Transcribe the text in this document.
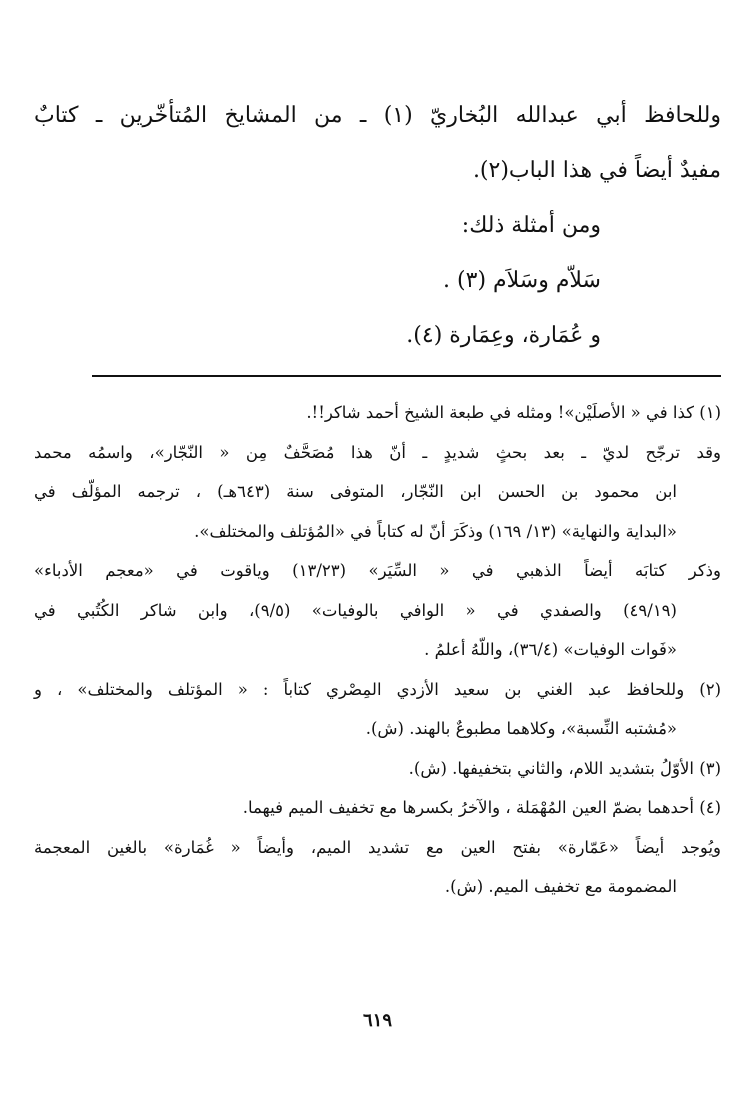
وللحافظ أبي عبدالله البُخاريّ (١) ـ من المشايخ المُتأخّرين ـ كتابٌ
مفيدٌ أيضاً في هذا الباب(٢).
ومن أمثلة ذلك:
سَلاّم وسَلاَم (٣) .
و عُمَارة، وعِمَارة (٤).
(١) كذا في « الأصلَيْن»! ومثله في طبعة الشيخ أحمد شاكر!!.
وقد ترجّح لديّ ـ بعد بحثٍ شديدٍ ـ أنّ هذا مُصَحَّفٌ مِن « النّجّار»، واسمُه محمد
ابن محمود بن الحسن ابن النّجّار، المتوفى سنة (٦٤٣هـ) ، ترجمه المؤلّف في
«البداية والنهاية» (١٣/ ١٦٩) وذكَرَ أنّ له كتاباً في «المُؤتلف والمختلف».
وذكر كتابَه أيضاً الذهبي في « السِّيَر» (١٣/٢٣) وياقوت في «معجم الأدباء»
(٤٩/١٩) والصفدي في « الوافي بالوفيات» (٩/٥)، وابن شاكر الكُتُبي في
«فَوات الوفيات» (٣٦/٤)، واللّهُ أعلمُ .
(٢) وللحافظ عبد الغني بن سعيد الأزدي المِصْري كتاباً : « المؤتلف والمختلف» ، و
«مُشتبه النِّسبة»، وكلاهما مطبوعٌ بالهند. (ش).
(٣) الأوّلُ بتشديد اللام، والثاني بتخفيفها. (ش).
(٤) أحدهما بضمّ العين المُهْمَلة ، والآخرُ بكسرها مع تخفيف الميم فيهما.
ويُوجد أيضاً «عَمّارة» بفتح العين مع تشديد الميم، وأيضاً « غُمَارة» بالغين المعجمة
المضمومة مع تخفيف الميم. (ش).
٦١٩
